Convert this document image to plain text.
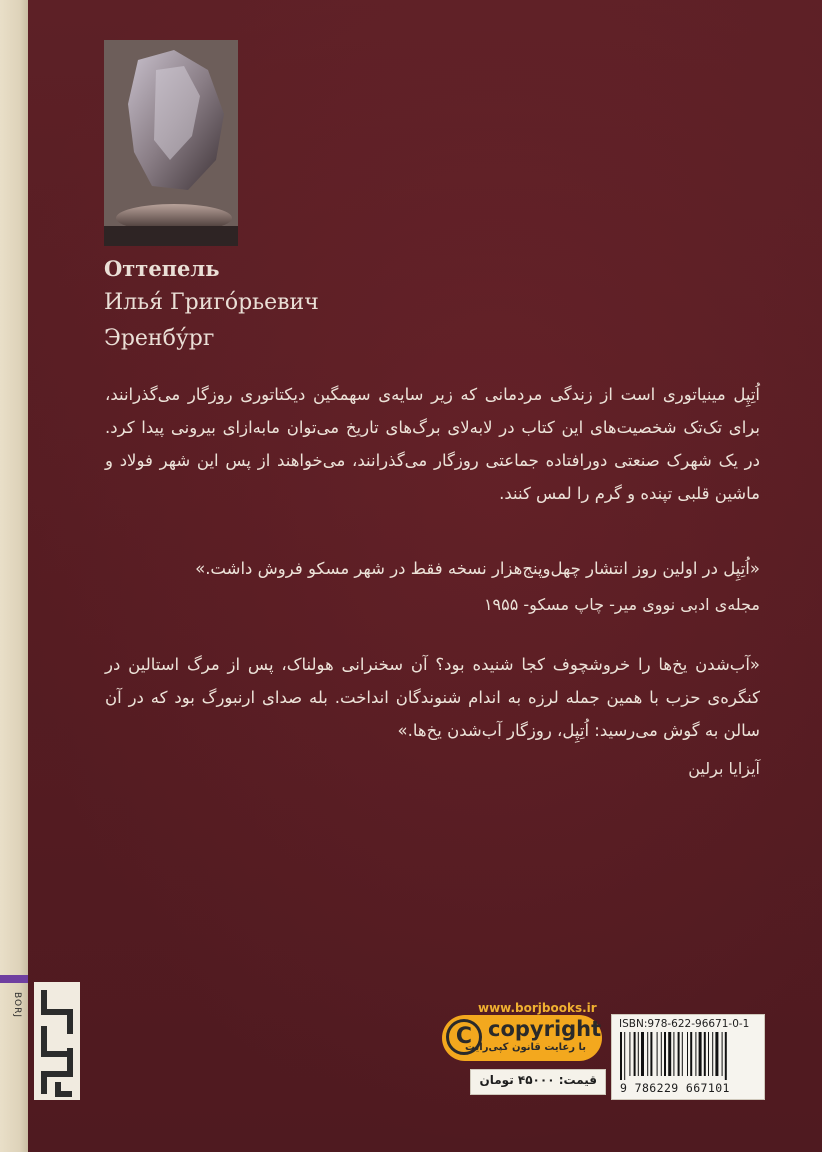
Оттепель

Илья́ Григо́рьевич

Эренбу́рг

اُتِپِل مینیاتوری است از زندگی مردمانی که زیر سایه‌ی سهمگین دیکتاتوری روزگار می‌گذرانند، برای تک‌تک شخصیت‌های این کتاب در لابه‌لای برگ‌های تاریخ می‌توان مابه‌ازای بیرونی پیدا کرد. در یک شهرک صنعتی دورافتاده جماعتی روزگار می‌گذرانند، می‌خواهند از پس این شهر فولاد و ماشین قلبی تپنده و گرم را لمس کنند.

«اُتِپِل در اولین روز انتشار چهل‌وپنج‌هزار نسخه فقط در شهر مسکو فروش داشت.»

مجله‌ی ادبی نووی میر- چاپ مسکو- ۱۹۵۵

«آب‌شدن یخ‌ها را خروشچوف کجا شنیده بود؟ آن سخنرانی هولناک، پس از مرگ استالین در کنگره‌ی حزب با همین جمله لرزه به اندام شنوندگان انداخت. بله صدای ارنبورگ بود که در آن سالن به گوش می‌رسید: اُتِپِل، روزگار آب‌شدن یخ‌ها.»

آیزایا برلین

BORJ	www.borjbooks.ir

C copyright

با رعایت قانون کپی‌رایت

قیمت: ۴۵۰۰۰ تومان

ISBN:978-622-96671-0-1

9 786229 667101
